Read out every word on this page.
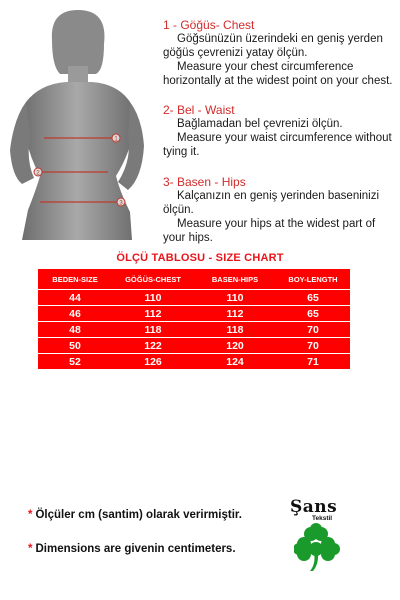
1
2
3

1 - Göğüs- Chest

Göğsünüzün üzerindeki en geniş yerden göğüs çevrenizi yatay ölçün.

Measure your chest circumference horizontally at the widest point on your chest.

2- Bel - Waist

Bağlamadan bel çevrenizi ölçün.

Measure your waist circumference without tying it.

3- Basen - Hips

Kalçanızın en geniş yerinden baseninizi ölçün.

Measure your hips at the widest part of your hips.

ÖLÇÜ TABLOSU - SIZE CHART
BEDEN-SIZE	GÖĞÜS-CHEST	BASEN-HIPS	BOY-LENGTH
44	110	110	65
46	112	112	65
48	118	118	70
50	122	120	70
52	126	124	71
* Ölçüler cm (santim) olarak verirmiştir.
* Dimensions are givenin centimeters.
Şans
Tekstil
